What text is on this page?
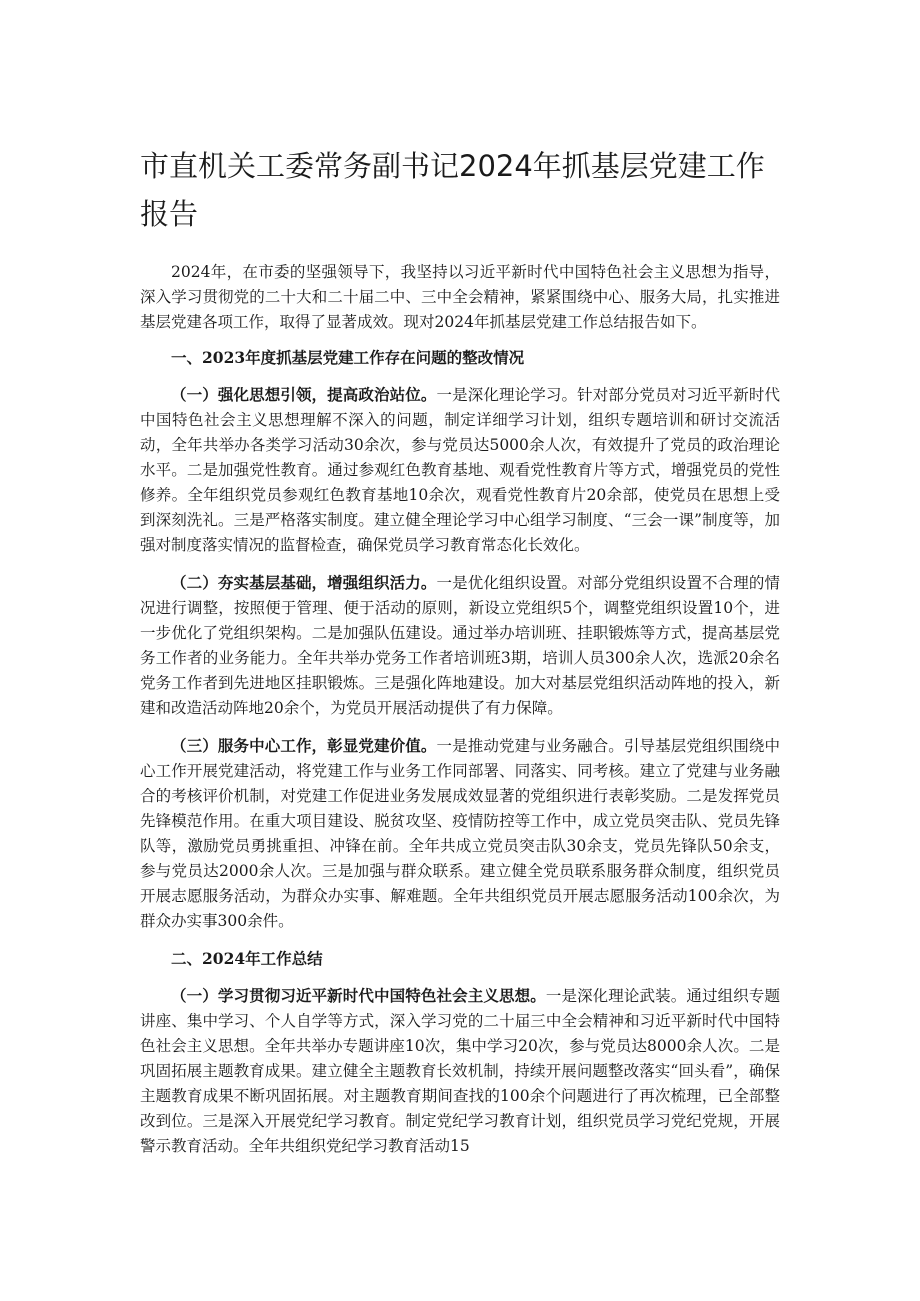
市直机关工委常务副书记2024年抓基层党建工作报告

2024年，在市委的坚强领导下，我坚持以习近平新时代中国特色社会主义思想为指导，深入学习贯彻党的二十大和二十届二中、三中全会精神，紧紧围绕中心、服务大局，扎实推进基层党建各项工作，取得了显著成效。现对2024年抓基层党建工作总结报告如下。

一、2023年度抓基层党建工作存在问题的整改情况

（一）强化思想引领，提高政治站位。一是深化理论学习。针对部分党员对习近平新时代中国特色社会主义思想理解不深入的问题，制定详细学习计划，组织专题培训和研讨交流活动，全年共举办各类学习活动30余次，参与党员达5000余人次，有效提升了党员的政治理论水平。二是加强党性教育。通过参观红色教育基地、观看党性教育片等方式，增强党员的党性修养。全年组织党员参观红色教育基地10余次，观看党性教育片20余部，使党员在思想上受到深刻洗礼。三是严格落实制度。建立健全理论学习中心组学习制度、“三会一课”制度等，加强对制度落实情况的监督检查，确保党员学习教育常态化长效化。

（二）夯实基层基础，增强组织活力。一是优化组织设置。对部分党组织设置不合理的情况进行调整，按照便于管理、便于活动的原则，新设立党组织5个，调整党组织设置10个，进一步优化了党组织架构。二是加强队伍建设。通过举办培训班、挂职锻炼等方式，提高基层党务工作者的业务能力。全年共举办党务工作者培训班3期，培训人员300余人次，选派20余名党务工作者到先进地区挂职锻炼。三是强化阵地建设。加大对基层党组织活动阵地的投入，新建和改造活动阵地20余个，为党员开展活动提供了有力保障。

（三）服务中心工作，彰显党建价值。一是推动党建与业务融合。引导基层党组织围绕中心工作开展党建活动，将党建工作与业务工作同部署、同落实、同考核。建立了党建与业务融合的考核评价机制，对党建工作促进业务发展成效显著的党组织进行表彰奖励。二是发挥党员先锋模范作用。在重大项目建设、脱贫攻坚、疫情防控等工作中，成立党员突击队、党员先锋队等，激励党员勇挑重担、冲锋在前。全年共成立党员突击队30余支，党员先锋队50余支，参与党员达2000余人次。三是加强与群众联系。建立健全党员联系服务群众制度，组织党员开展志愿服务活动，为群众办实事、解难题。全年共组织党员开展志愿服务活动100余次，为群众办实事300余件。

二、2024年工作总结

（一）学习贯彻习近平新时代中国特色社会主义思想。一是深化理论武装。通过组织专题讲座、集中学习、个人自学等方式，深入学习党的二十届三中全会精神和习近平新时代中国特色社会主义思想。全年共举办专题讲座10次，集中学习20次，参与党员达8000余人次。二是巩固拓展主题教育成果。建立健全主题教育长效机制，持续开展问题整改落实“回头看”，确保主题教育成果不断巩固拓展。对主题教育期间查找的100余个问题进行了再次梳理，已全部整改到位。三是深入开展党纪学习教育。制定党纪学习教育计划，组织党员学习党纪党规，开展警示教育活动。全年共组织党纪学习教育活动15
